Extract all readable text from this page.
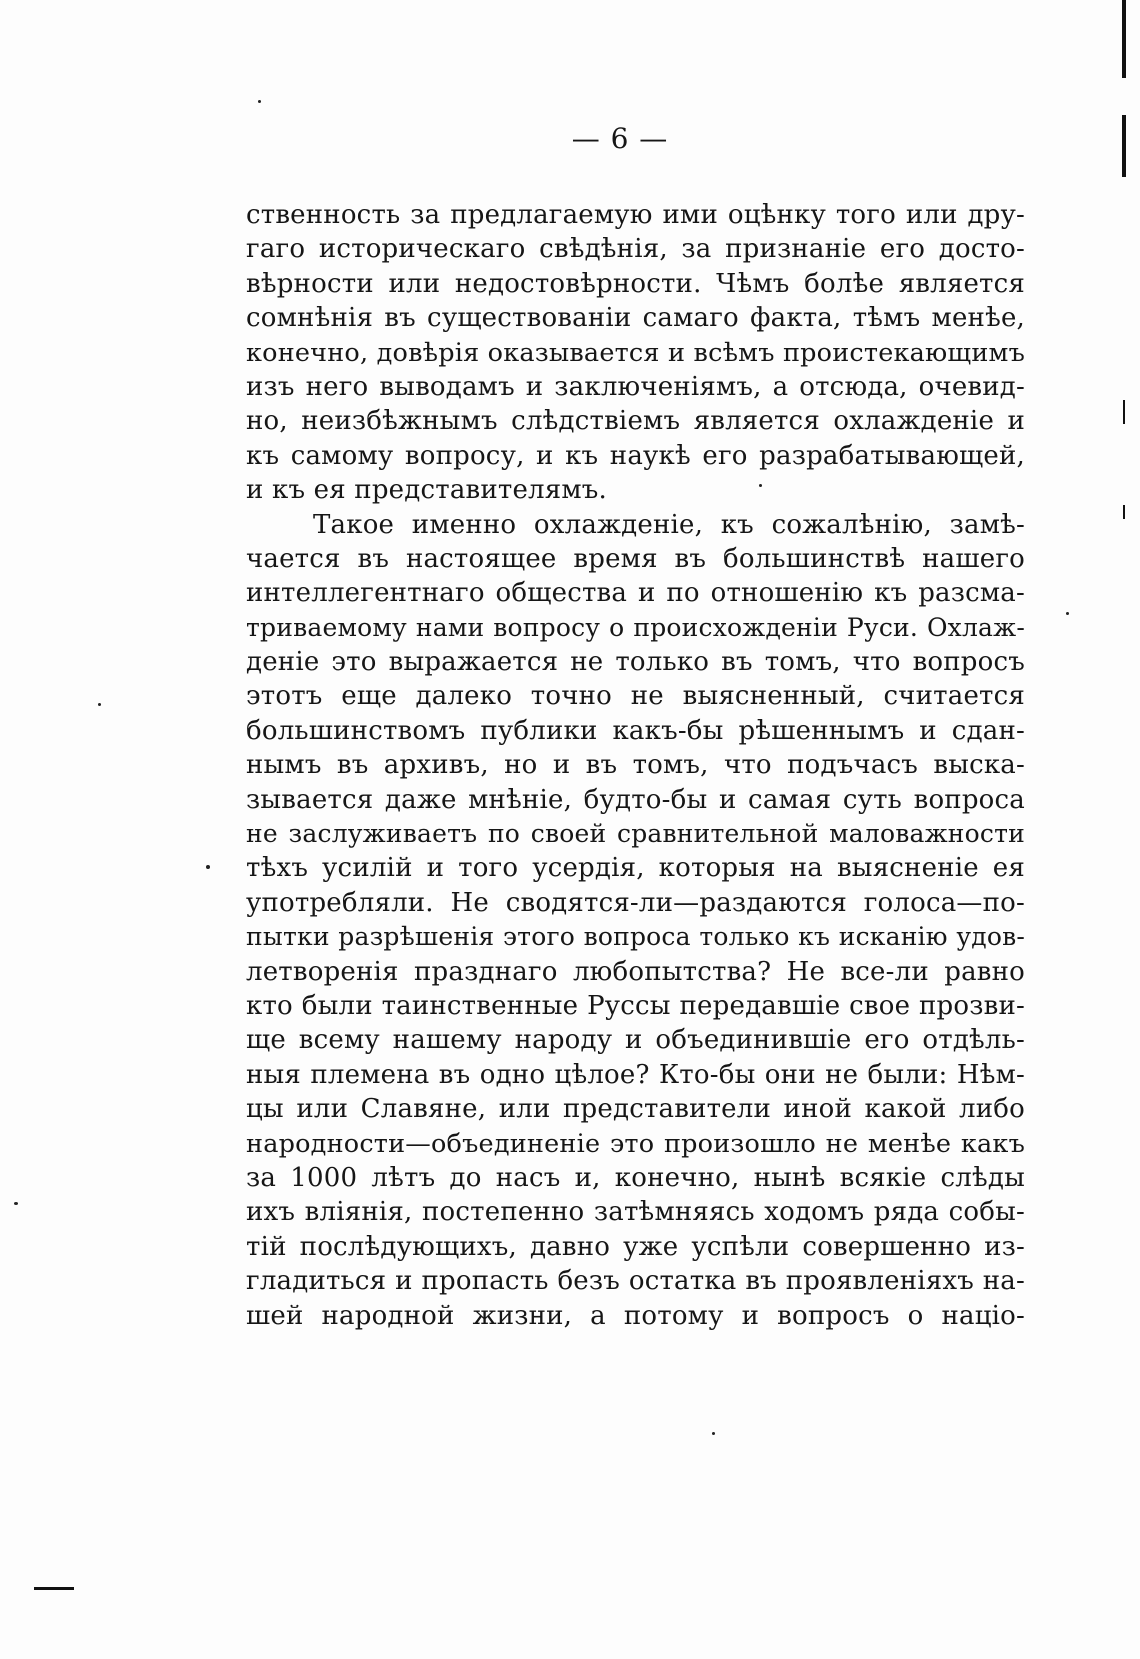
— 6 —
ственность за предлагаемую ими оцѣнку того или дру-
гаго историческаго свѣдѣнія, за признаніе его досто-
вѣрности или недостовѣрности. Чѣмъ болѣе является
сомнѣнія въ существованіи самаго факта, тѣмъ менѣе,
конечно, довѣрія оказывается и всѣмъ проистекающимъ
изъ него выводамъ и заключеніямъ, а отсюда, очевид-
но, неизбѣжнымъ слѣдствіемъ является охлажденіе и
къ самому вопросу, и къ наукѣ его разрабатывающей,
и къ ея представителямъ.
Такое именно охлажденіе, къ сожалѣнію, замѣ-
чается въ настоящее время въ большинствѣ нашего
интеллегентнаго общества и по отношенію къ разсма-
триваемому нами вопросу о происхожденіи Руси. Охлаж-
деніе это выражается не только въ томъ, что вопросъ
этотъ еще далеко точно не выясненный, считается
большинствомъ публики какъ-бы рѣшеннымъ и сдан-
нымъ въ архивъ, но и въ томъ, что подъчасъ выска-
зывается даже мнѣніе, будто-бы и самая суть вопроса
не заслуживаетъ по своей сравнительной маловажности
тѣхъ усилій и того усердія, которыя на выясненіе ея
употребляли. Не сводятся-ли—раздаются голоса—по-
пытки разрѣшенія этого вопроса только къ исканію удов-
летворенія празднаго любопытства? Не все-ли равно
кто были таинственные Руссы передавшіе свое прозви-
ще всему нашему народу и объединившіе его отдѣль-
ныя племена въ одно цѣлое? Кто-бы они не были: Нѣм-
цы или Славяне, или представители иной какой либо
народности—объединеніе это произошло не менѣе какъ
за 1000 лѣтъ до насъ и, конечно, нынѣ всякіе слѣды
ихъ вліянія, постепенно затѣмняясь ходомъ ряда собы-
тій послѣдующихъ, давно уже успѣли совершенно из-
гладиться и пропасть безъ остатка въ проявленіяхъ на-
шей народной жизни, а потому и вопросъ о націо-
